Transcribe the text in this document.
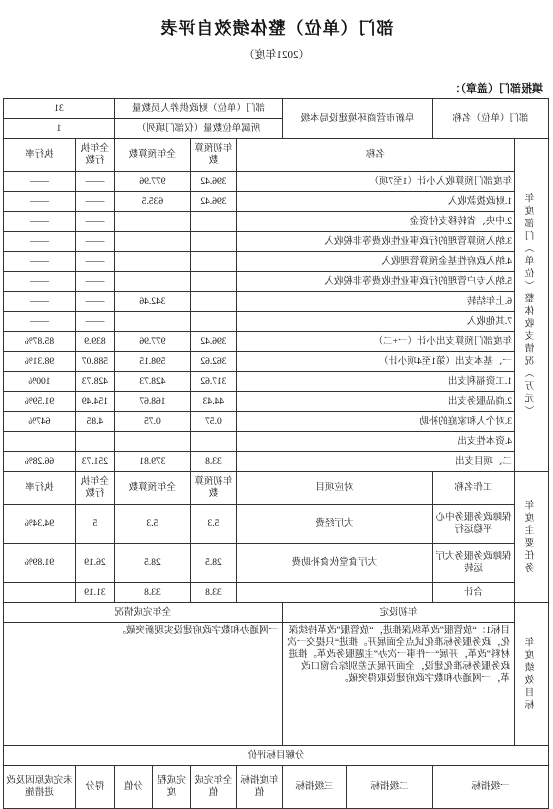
部门（单位）整体绩效自评表
（2021年度）
填报部门（盖章）：
部门（单位）名称		阜新市营商环境建设局本级		部门（单位）财政供养人员数量				31	
				所属单位数量（仅部门填列）				1	
年度部门（单位）整体收支情况（万元）	名称				年初预算数	全年预算数		全年执行数	执行率
	年度部门预算收入小计（1至7项）				396.42	977.96		——	——
	1.财政拨款收入				396.42	635.5		——	——
	2.中央、省转移支付资金							——	——
	3.纳入预算管理的行政事业性收费等非税收入							——	——
	4.纳入政府性基金预算管理收入							——	——
	5.纳入专户管理的行政事业性收费等非税收入							——	——
	6.上年结转					342.46		——	——
	7.其他收入							——	——
	年度部门预算支出小计（一+二）				396.42	977.96		839.9	85.87%
	一、基本支出（第1至4项小计）				362.62	598.15		588.07	98.31%
	1.工资福利支出				317.62	428.73		428.73	100%
	2.商品服务支出				44.43	168.67		154.49	91.59%
	3.对个人和家庭的补助				0.57	0.75		4.85	647%
	4.资本性支出								
	二、项目支出				33.8	379.81		251.73	66.28%
年度主要任务	工作名称	对应项目			年初预算数	全年预算数		全年执行数	执行率
	保障政务服务中心平稳运行	大厅经费			5.3	5.3		5	94.34%
	保障政务服务大厅运转	大厅食堂伙食补助费			28.5	28.5		26.19	91.89%
	合计				33.8	33.8		31.19	
年度绩效目标	年初设定			全年完成情况					
	目标1：“放管服”改革纵深推进，“放管服”改革持续深化，政务服务标准化试点全面展开。推进“只提交一次材料”改革，开展“一件事一次办”主题服务改革。推进政务服务标准化建设，全面开展无差别综合窗口改革，一网通办和数字政府建设取得突破。			一网通办和数字政府建设实现新突破。					
分解目标评价									
一级指标		二级指标	三级指标	年度指标值	全年完成值	完成程度	分值	得分	未完成原因及改进措施
